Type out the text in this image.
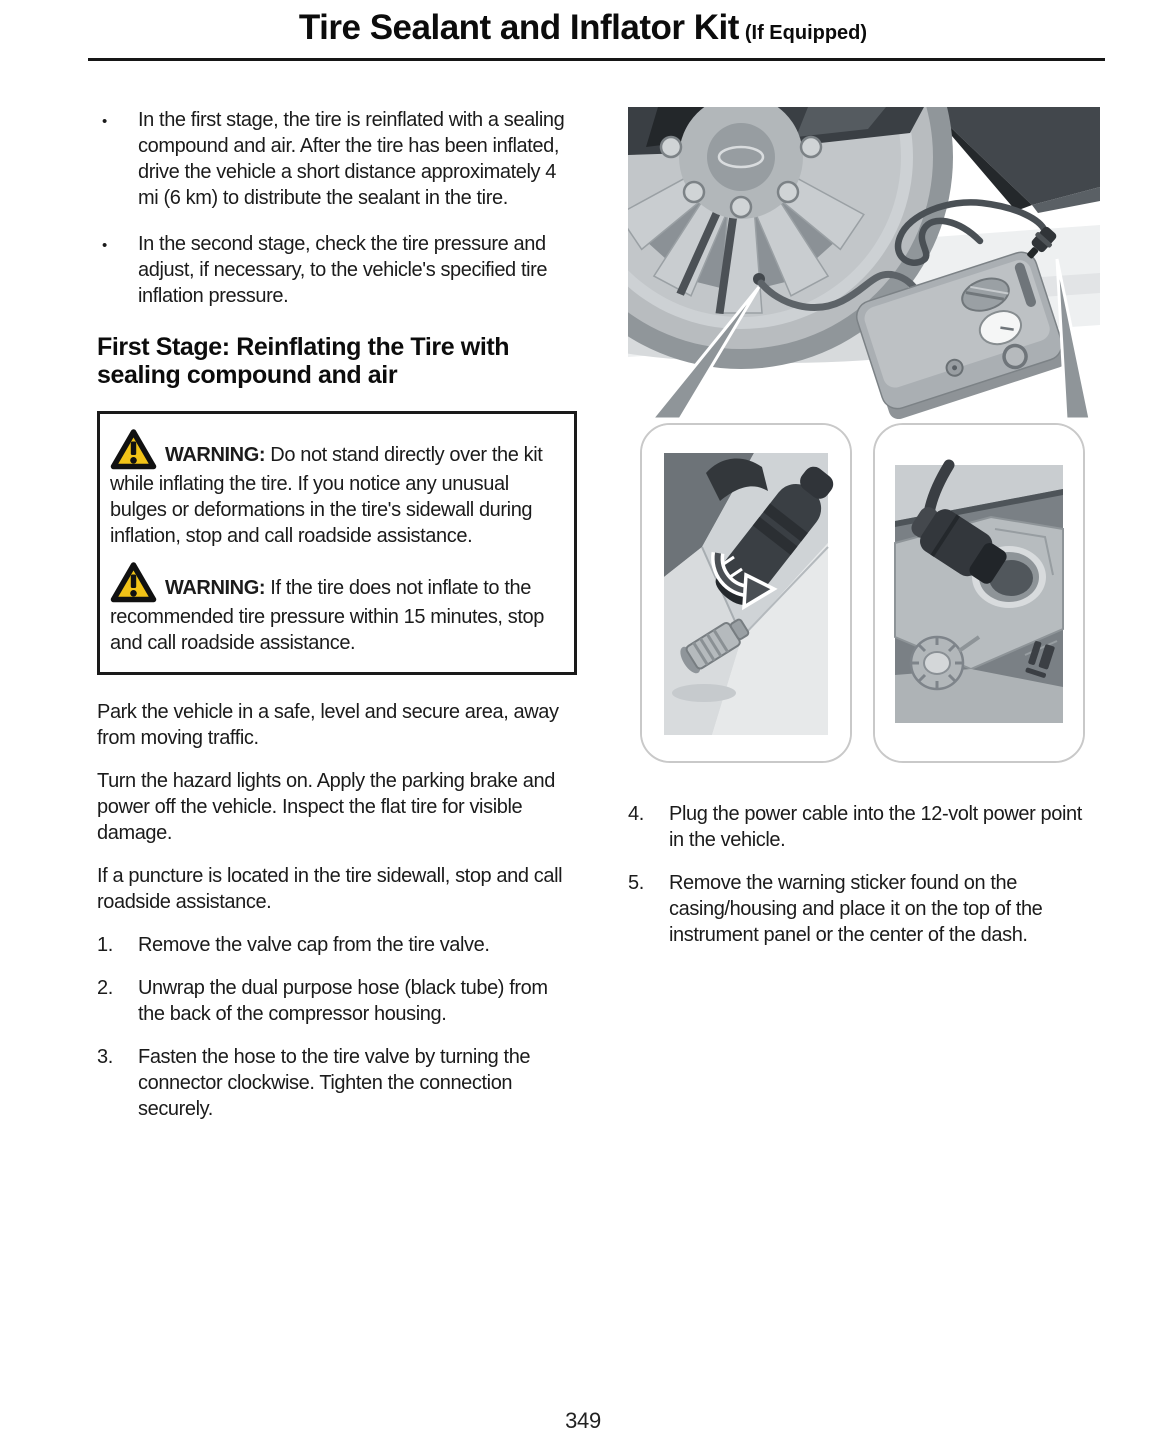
Tire Sealant and Inflator Kit (If Equipped)
• In the first stage, the tire is reinflated with a sealing compound and air. After the tire has been inflated, drive the vehicle a short distance approximately 4 mi (6 km) to distribute the sealant in the tire.
• In the second stage, check the tire pressure and adjust, if necessary, to the vehicle's specified tire inflation pressure.
First Stage: Reinflating the Tire with sealing compound and air

WARNING: Do not stand directly over the kit while inflating the tire. If you notice any unusual bulges or deformations in the tire's sidewall during inflation, stop and call roadside assistance.

WARNING: If the tire does not inflate to the recommended tire pressure within 15 minutes, stop and call roadside assistance.

Park the vehicle in a safe, level and secure area, away from moving traffic.

Turn the hazard lights on. Apply the parking brake and power off the vehicle. Inspect the flat tire for visible damage.

If a puncture is located in the tire sidewall, stop and call roadside assistance.

1.	Remove the valve cap from the tire valve.
2.	Unwrap the dual purpose hose (black tube) from the back of the compressor housing.
3.	Fasten the hose to the tire valve by turning the connector clockwise. Tighten the connection securely.
4.	Plug the power cable into the 12-volt power point in the vehicle.
5.	Remove the warning sticker found on the casing/housing and place it on the top of the instrument panel or the center of the dash.
349
